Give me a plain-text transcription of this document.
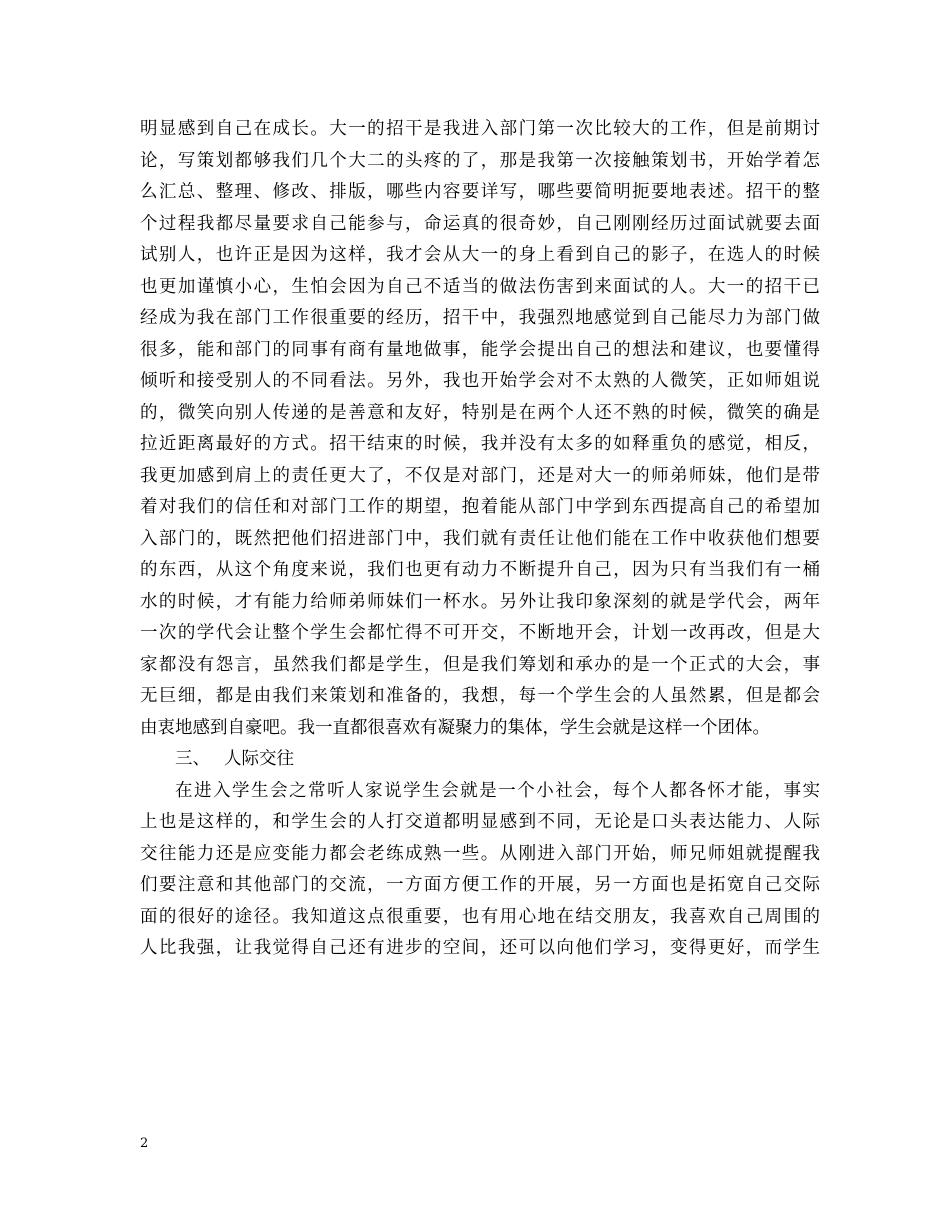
明显感到自己在成长。大一的招干是我进入部门第一次比较大的工作，但是前期讨
论，写策划都够我们几个大二的头疼的了，那是我第一次接触策划书，开始学着怎
么汇总、整理、修改、排版，哪些内容要详写，哪些要简明扼要地表述。招干的整
个过程我都尽量要求自己能参与，命运真的很奇妙，自己刚刚经历过面试就要去面
试别人，也许正是因为这样，我才会从大一的身上看到自己的影子，在选人的时候
也更加谨慎小心，生怕会因为自己不适当的做法伤害到来面试的人。大一的招干已
经成为我在部门工作很重要的经历，招干中，我强烈地感觉到自己能尽力为部门做
很多，能和部门的同事有商有量地做事，能学会提出自己的想法和建议，也要懂得
倾听和接受别人的不同看法。另外，我也开始学会对不太熟的人微笑，正如师姐说
的，微笑向别人传递的是善意和友好，特别是在两个人还不熟的时候，微笑的确是
拉近距离最好的方式。招干结束的时候，我并没有太多的如释重负的感觉，相反，
我更加感到肩上的责任更大了，不仅是对部门，还是对大一的师弟师妹，他们是带
着对我们的信任和对部门工作的期望，抱着能从部门中学到东西提高自己的希望加
入部门的，既然把他们招进部门中，我们就有责任让他们能在工作中收获他们想要
的东西，从这个角度来说，我们也更有动力不断提升自己，因为只有当我们有一桶
水的时候，才有能力给师弟师妹们一杯水。另外让我印象深刻的就是学代会，两年
一次的学代会让整个学生会都忙得不可开交，不断地开会，计划一改再改，但是大
家都没有怨言，虽然我们都是学生，但是我们筹划和承办的是一个正式的大会，事
无巨细，都是由我们来策划和准备的，我想，每一个学生会的人虽然累，但是都会
由衷地感到自豪吧。我一直都很喜欢有凝聚力的集体，学生会就是这样一个团体。
三、 人际交往
在进入学生会之常听人家说学生会就是一个小社会，每个人都各怀才能，事实
上也是这样的，和学生会的人打交道都明显感到不同，无论是口头表达能力、人际
交往能力还是应变能力都会老练成熟一些。从刚进入部门开始，师兄师姐就提醒我
们要注意和其他部门的交流，一方面方便工作的开展，另一方面也是拓宽自己交际
面的很好的途径。我知道这点很重要，也有用心地在结交朋友，我喜欢自己周围的
人比我强，让我觉得自己还有进步的空间，还可以向他们学习，变得更好，而学生
2
